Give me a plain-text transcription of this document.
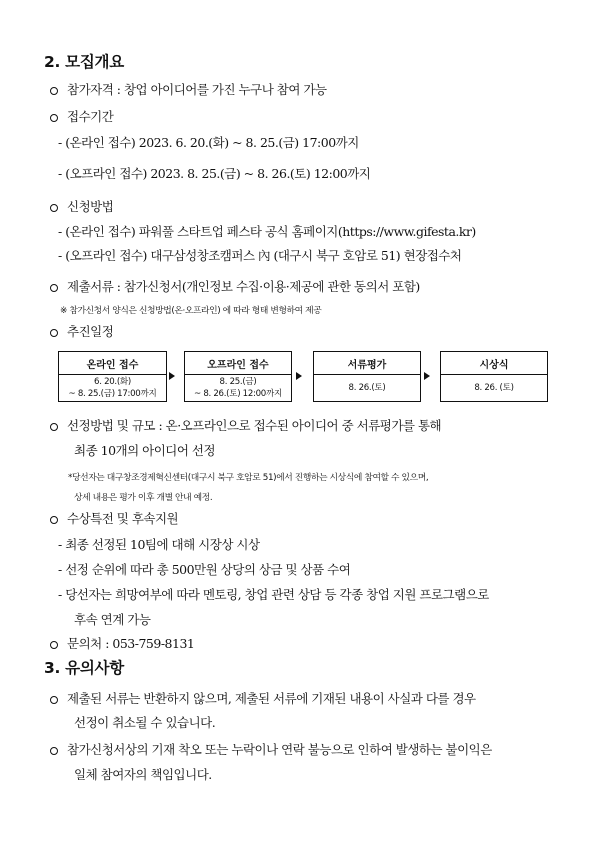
2. 모집개요
참가자격 : 창업 아이디어를 가진 누구나 참여 가능
접수기간
- (온라인 접수) 2023. 6. 20.(화) ~ 8. 25.(금) 17:00까지
- (오프라인 접수) 2023. 8. 25.(금) ~ 8. 26.(토) 12:00까지
신청방법
- (온라인 접수) 파워풀 스타트업 페스타 공식 홈페이지(https://www.gifesta.kr)
- (오프라인 접수) 대구삼성창조캠퍼스 內 (대구시 북구 호암로 51) 현장접수처
제출서류 : 참가신청서(개인정보 수집·이용·제공에 관한 동의서 포함)
※ 참가신청서 양식은 신청방법(온·오프라인) 에 따라 형태 변형하여 제공
추진일정
온라인 접수
6. 20.(화)
~ 8. 25.(금) 17:00까지
오프라인 접수
8. 25.(금)
~ 8. 26.(토) 12:00까지
서류평가
8. 26.(토)
시상식
8. 26. (토)
선정방법 및 규모 : 온·오프라인으로 접수된 아이디어 중 서류평가를 통해
최종 10개의 아이디어 선정
*당선자는 대구창조경제혁신센터(대구시 북구 호암로 51)에서 진행하는 시상식에 참여할 수 있으며,
상세 내용은 평가 이후 개별 안내 예정.
수상특전 및 후속지원
- 최종 선정된 10팀에 대해 시장상 시상
- 선정 순위에 따라 총 500만원 상당의 상금 및 상품 수여
- 당선자는 희망여부에 따라 멘토링, 창업 관련 상담 등 각종 창업 지원 프로그램으로
후속 연계 가능
문의처 : 053-759-8131
3. 유의사항
제출된 서류는 반환하지 않으며, 제출된 서류에 기재된 내용이 사실과 다를 경우
선정이 취소될 수 있습니다.
참가신청서상의 기재 착오 또는 누락이나 연락 불능으로 인하여 발생하는 불이익은
일체 참여자의 책임입니다.
